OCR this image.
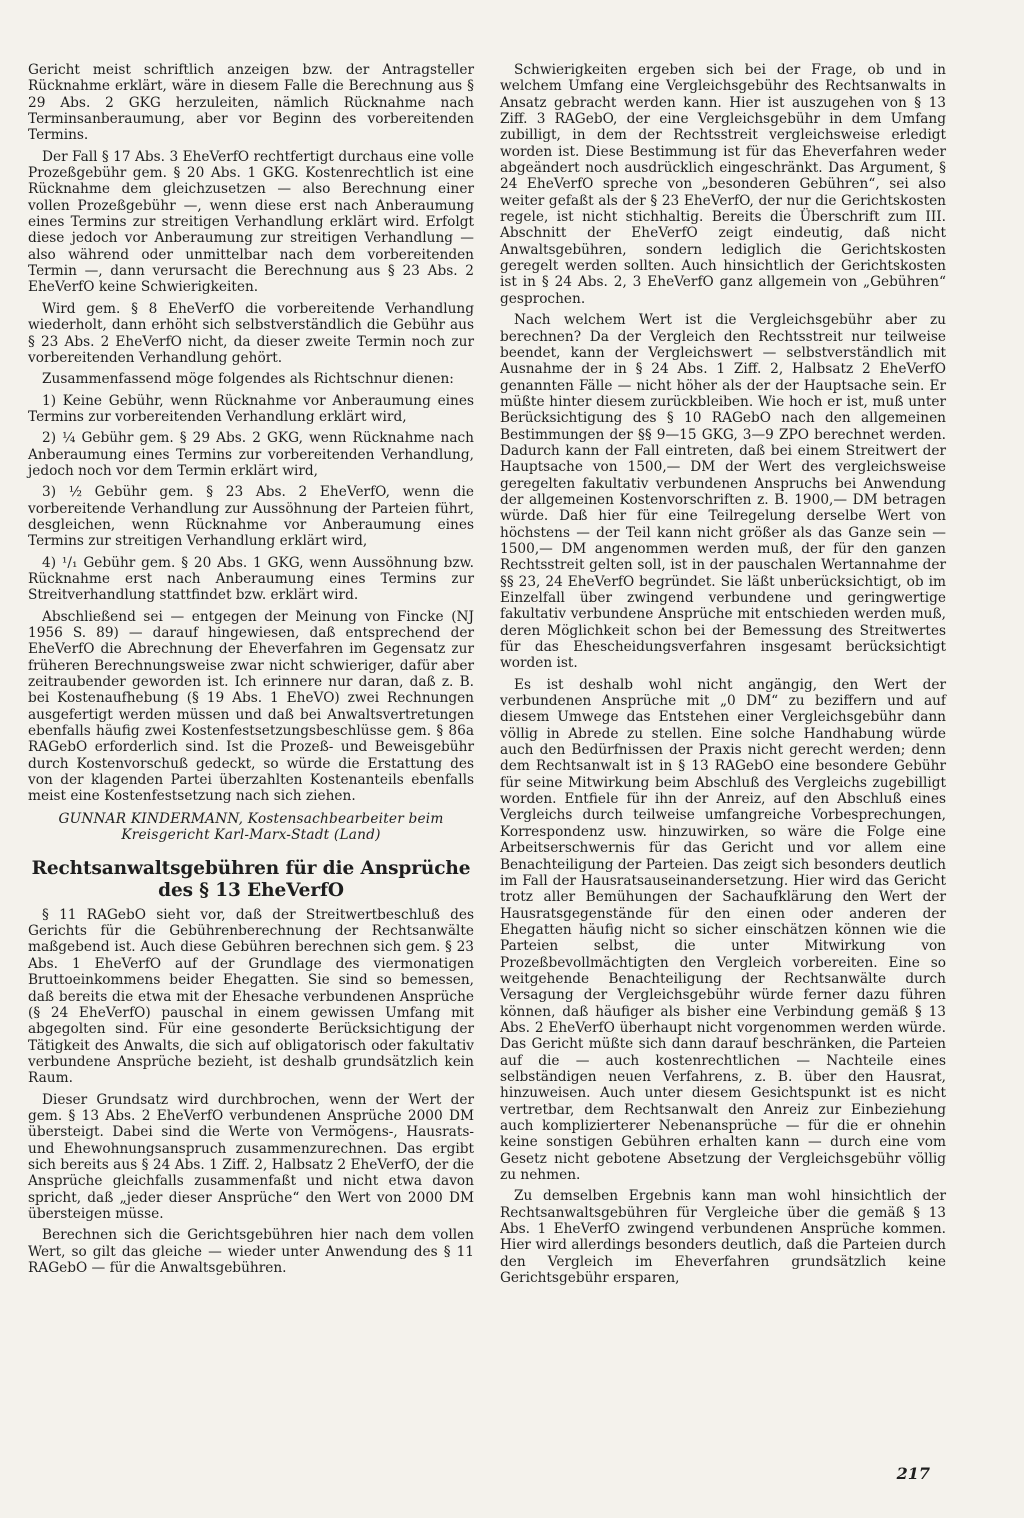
Gericht meist schriftlich anzeigen bzw. der Antragsteller Rücknahme erklärt, wäre in diesem Falle die Berechnung aus § 29 Abs. 2 GKG herzuleiten, nämlich Rücknahme nach Terminsanberaumung, aber vor Beginn des vorbereitenden Termins.

Der Fall § 17 Abs. 3 EheVerfO rechtfertigt durchaus eine volle Prozeßgebühr gem. § 20 Abs. 1 GKG. Kostenrechtlich ist eine Rücknahme dem gleichzusetzen — also Berechnung einer vollen Prozeßgebühr —, wenn diese erst nach Anberaumung eines Termins zur streitigen Verhandlung erklärt wird. Erfolgt diese jedoch vor Anberaumung zur streitigen Verhandlung — also während oder unmittelbar nach dem vorbereitenden Termin —, dann verursacht die Berechnung aus § 23 Abs. 2 EheVerfO keine Schwierigkeiten.

Wird gem. § 8 EheVerfO die vorbereitende Verhandlung wiederholt, dann erhöht sich selbstverständlich die Gebühr aus § 23 Abs. 2 EheVerfO nicht, da dieser zweite Termin noch zur vorbereitenden Verhandlung gehört.

Zusammenfassend möge folgendes als Richtschnur dienen:

1) Keine Gebühr, wenn Rücknahme vor Anberaumung eines Termins zur vorbereitenden Verhandlung erklärt wird,
2) ¼ Gebühr gem. § 29 Abs. 2 GKG, wenn Rücknahme nach Anberaumung eines Termins zur vorbereitenden Verhandlung, jedoch noch vor dem Termin erklärt wird,
3) ½ Gebühr gem. § 23 Abs. 2 EheVerfO, wenn die vorbereitende Verhandlung zur Aussöhnung der Parteien führt, desgleichen, wenn Rücknahme vor Anberaumung eines Termins zur streitigen Verhandlung erklärt wird,
4) ¹/₁ Gebühr gem. § 20 Abs. 1 GKG, wenn Aussöhnung bzw. Rücknahme erst nach Anberaumung eines Termins zur Streitverhandlung stattfindet bzw. erklärt wird.

Abschließend sei — entgegen der Meinung von Fincke (NJ 1956 S. 89) — darauf hingewiesen, daß entsprechend der EheVerfO die Abrechnung der Eheverfahren im Gegensatz zur früheren Berechnungsweise zwar nicht schwieriger, dafür aber zeitraubender geworden ist. Ich erinnere nur daran, daß z. B. bei Kostenaufhebung (§ 19 Abs. 1 EheVO) zwei Rechnungen ausgefertigt werden müssen und daß bei Anwaltsvertretungen ebenfalls häufig zwei Kostenfestsetzungsbeschlüsse gem. § 86a RAGebO erforderlich sind. Ist die Prozeß- und Beweisgebühr durch Kostenvorschuß gedeckt, so würde die Erstattung des von der klagenden Partei überzahlten Kostenanteils ebenfalls meist eine Kostenfestsetzung nach sich ziehen.

GUNNAR KINDERMANN, Kostensachbearbeiter beim
Kreisgericht Karl-Marx-Stadt (Land)
Rechtsanwaltsgebühren für die Ansprüche
des § 13 EheVerfO

§ 11 RAGebO sieht vor, daß der Streitwertbeschluß des Gerichts für die Gebührenberechnung der Rechtsanwälte maßgebend ist. Auch diese Gebühren berechnen sich gem. § 23 Abs. 1 EheVerfO auf der Grundlage des viermonatigen Bruttoeinkommens beider Ehegatten. Sie sind so bemessen, daß bereits die etwa mit der Ehesache verbundenen Ansprüche (§ 24 EheVerfO) pauschal in einem gewissen Umfang mit abgegolten sind. Für eine gesonderte Berücksichtigung der Tätigkeit des Anwalts, die sich auf obligatorisch oder fakultativ verbundene Ansprüche bezieht, ist deshalb grundsätzlich kein Raum.

Dieser Grundsatz wird durchbrochen, wenn der Wert der gem. § 13 Abs. 2 EheVerfO verbundenen Ansprüche 2000 DM übersteigt. Dabei sind die Werte von Vermögens-, Hausrats- und Ehewohnungsanspruch zusammenzurechnen. Das ergibt sich bereits aus § 24 Abs. 1 Ziff. 2, Halbsatz 2 EheVerfO, der die Ansprüche gleichfalls zusammenfaßt und nicht etwa davon spricht, daß „jeder dieser Ansprüche“ den Wert von 2000 DM übersteigen müsse.

Berechnen sich die Gerichtsgebühren hier nach dem vollen Wert, so gilt das gleiche — wieder unter Anwendung des § 11 RAGebO — für die Anwaltsgebühren.

Schwierigkeiten ergeben sich bei der Frage, ob und in welchem Umfang eine Vergleichsgebühr des Rechtsanwalts in Ansatz gebracht werden kann. Hier ist auszugehen von § 13 Ziff. 3 RAGebO, der eine Vergleichsgebühr in dem Umfang zubilligt, in dem der Rechtsstreit vergleichsweise erledigt worden ist. Diese Bestimmung ist für das Eheverfahren weder abgeändert noch ausdrücklich eingeschränkt. Das Argument, § 24 EheVerfO spreche von „besonderen Gebühren“, sei also weiter gefaßt als der § 23 EheVerfO, der nur die Gerichtskosten regele, ist nicht stichhaltig. Bereits die Überschrift zum III. Abschnitt der EheVerfO zeigt eindeutig, daß nicht Anwaltsgebühren, sondern lediglich die Gerichtskosten geregelt werden sollten. Auch hinsichtlich der Gerichtskosten ist in § 24 Abs. 2, 3 EheVerfO ganz allgemein von „Gebühren“ gesprochen.

Nach welchem Wert ist die Vergleichsgebühr aber zu berechnen? Da der Vergleich den Rechtsstreit nur teilweise beendet, kann der Vergleichswert — selbstverständlich mit Ausnahme der in § 24 Abs. 1 Ziff. 2, Halbsatz 2 EheVerfO genannten Fälle — nicht höher als der der Hauptsache sein. Er müßte hinter diesem zurückbleiben. Wie hoch er ist, muß unter Berücksichtigung des § 10 RAGebO nach den allgemeinen Bestimmungen der §§ 9—15 GKG, 3—9 ZPO berechnet werden. Dadurch kann der Fall eintreten, daß bei einem Streitwert der Hauptsache von 1500,— DM der Wert des vergleichsweise geregelten fakultativ verbundenen Anspruchs bei Anwendung der allgemeinen Kostenvorschriften z. B. 1900,— DM betragen würde. Daß hier für eine Teilregelung derselbe Wert von höchstens — der Teil kann nicht größer als das Ganze sein — 1500,— DM angenommen werden muß, der für den ganzen Rechtsstreit gelten soll, ist in der pauschalen Wertannahme der §§ 23, 24 EheVerfO begründet. Sie läßt unberücksichtigt, ob im Einzelfall über zwingend verbundene und geringwertige fakultativ verbundene Ansprüche mit entschieden werden muß, deren Möglichkeit schon bei der Bemessung des Streitwertes für das Ehescheidungsverfahren insgesamt berücksichtigt worden ist.

Es ist deshalb wohl nicht angängig, den Wert der verbundenen Ansprüche mit „0 DM“ zu beziffern und auf diesem Umwege das Entstehen einer Vergleichsgebühr dann völlig in Abrede zu stellen. Eine solche Handhabung würde auch den Bedürfnissen der Praxis nicht gerecht werden; denn dem Rechtsanwalt ist in § 13 RAGebO eine besondere Gebühr für seine Mitwirkung beim Abschluß des Vergleichs zugebilligt worden. Entfiele für ihn der Anreiz, auf den Abschluß eines Vergleichs durch teilweise umfangreiche Vorbesprechungen, Korrespondenz usw. hinzuwirken, so wäre die Folge eine Arbeitserschwernis für das Gericht und vor allem eine Benachteiligung der Parteien. Das zeigt sich besonders deutlich im Fall der Hausratsauseinandersetzung. Hier wird das Gericht trotz aller Bemühungen der Sachaufklärung den Wert der Hausratsgegenstände für den einen oder anderen der Ehegatten häufig nicht so sicher einschätzen können wie die Parteien selbst, die unter Mitwirkung von Prozeßbevollmächtigten den Vergleich vorbereiten. Eine so weitgehende Benachteiligung der Rechtsanwälte durch Versagung der Vergleichsgebühr würde ferner dazu führen können, daß häufiger als bisher eine Verbindung gemäß § 13 Abs. 2 EheVerfO überhaupt nicht vorgenommen werden würde. Das Gericht müßte sich dann darauf beschränken, die Parteien auf die — auch kostenrechtlichen — Nachteile eines selbständigen neuen Verfahrens, z. B. über den Hausrat, hinzuweisen. Auch unter diesem Gesichtspunkt ist es nicht vertretbar, dem Rechtsanwalt den Anreiz zur Einbeziehung auch komplizierterer Nebenansprüche — für die er ohnehin keine sonstigen Gebühren erhalten kann — durch eine vom Gesetz nicht gebotene Absetzung der Vergleichsgebühr völlig zu nehmen.

Zu demselben Ergebnis kann man wohl hinsichtlich der Rechtsanwaltsgebühren für Vergleiche über die gemäß § 13 Abs. 1 EheVerfO zwingend verbundenen Ansprüche kommen. Hier wird allerdings besonders deutlich, daß die Parteien durch den Vergleich im Eheverfahren grundsätzlich keine Gerichtsgebühr ersparen,

217
